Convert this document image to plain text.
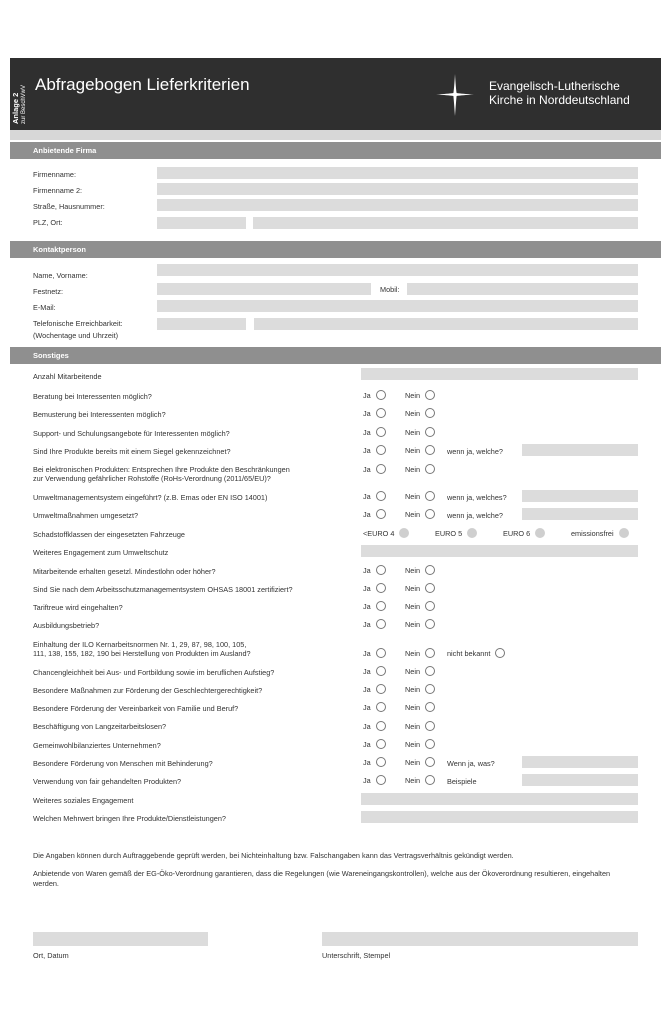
Anlage 2 zur BeschVwV
Abfragebogen Lieferkriterien	Evangelisch-Lutherische
Kirche in Norddeutschland
Anbietende Firma
Firmenname:
Firmenname 2:
Straße, Hausnummer:
PLZ, Ort:
Kontaktperson
Name, Vorname:
Festnetz:	Mobil:
E-Mail:
Telefonische Erreichbarkeit:
(Wochentage und Uhrzeit)
Sonstiges
Anzahl Mitarbeitende
Beratung bei Interessenten möglich?	Ja	Nein
Bemusterung bei Interessenten möglich?	Ja	Nein
Support- und Schulungsangebote für Interessenten möglich?	Ja	Nein
Sind Ihre Produkte bereits mit einem Siegel gekennzeichnet?	Ja	Nein	wenn ja, welche?
Bei elektronischen Produkten: Entsprechen Ihre Produkte den Beschränkungen
zur Verwendung gefährlicher Rohstoffe (RoHs-Verordnung (2011/65/EU)?
Ja	Nein
Umweltmanagementsystem eingeführt? (z.B. Emas oder EN ISO 14001)	Ja	Nein	wenn ja, welches?
Umweltmaßnahmen umgesetzt?	Ja	Nein	wenn ja, welche?
Schadstoffklassen der eingesetzten Fahrzeuge	<EURO 4	EURO 5	EURO 6	emissionsfrei
Weiteres Engagement zum Umweltschutz
Mitarbeitende erhalten gesetzl. Mindestlohn oder höher?	Ja	Nein
Sind Sie nach dem Arbeitsschutzmanagementsystem OHSAS 18001 zertifiziert?	Ja	Nein
Tariftreue wird eingehalten?	Ja	Nein
Ausbildungsbetrieb?	Ja	Nein
Einhaltung der ILO Kernarbeitsnormen Nr. 1, 29, 87, 98, 100, 105,
111, 138, 155, 182, 190 bei Herstellung von Produkten im Ausland?	Ja	Nein	nicht bekannt
Chancengleichheit bei Aus- und Fortbildung sowie im beruflichen Aufstieg?	Ja	Nein
Besondere Maßnahmen zur Förderung der Geschlechtergerechtigkeit?	Ja	Nein
Besondere Förderung der Vereinbarkeit von Familie und Beruf?	Ja	Nein
Beschäftigung von Langzeitarbeitslosen?	Ja	Nein
Gemeinwohlbilanziertes Unternehmen?	Ja	Nein
Besondere Förderung von Menschen mit Behinderung?	Ja	Nein	Wenn ja, was?
Verwendung von fair gehandelten Produkten?	Ja	Nein	Beispiele
Weiteres soziales Engagement
Welchen Mehrwert bringen Ihre Produkte/Dienstleistungen?
Die Angaben können durch Auftraggebende geprüft werden, bei Nichteinhaltung bzw. Falschangaben kann das Vertragsverhältnis gekündigt werden.
Anbietende von Waren gemäß der EG-Öko-Verordnung garantieren, dass die Regelungen (wie Wareneingangskontrollen), welche aus der Ökoverordnung resultieren, eingehalten werden.
Ort, Datum	Unterschrift, Stempel
